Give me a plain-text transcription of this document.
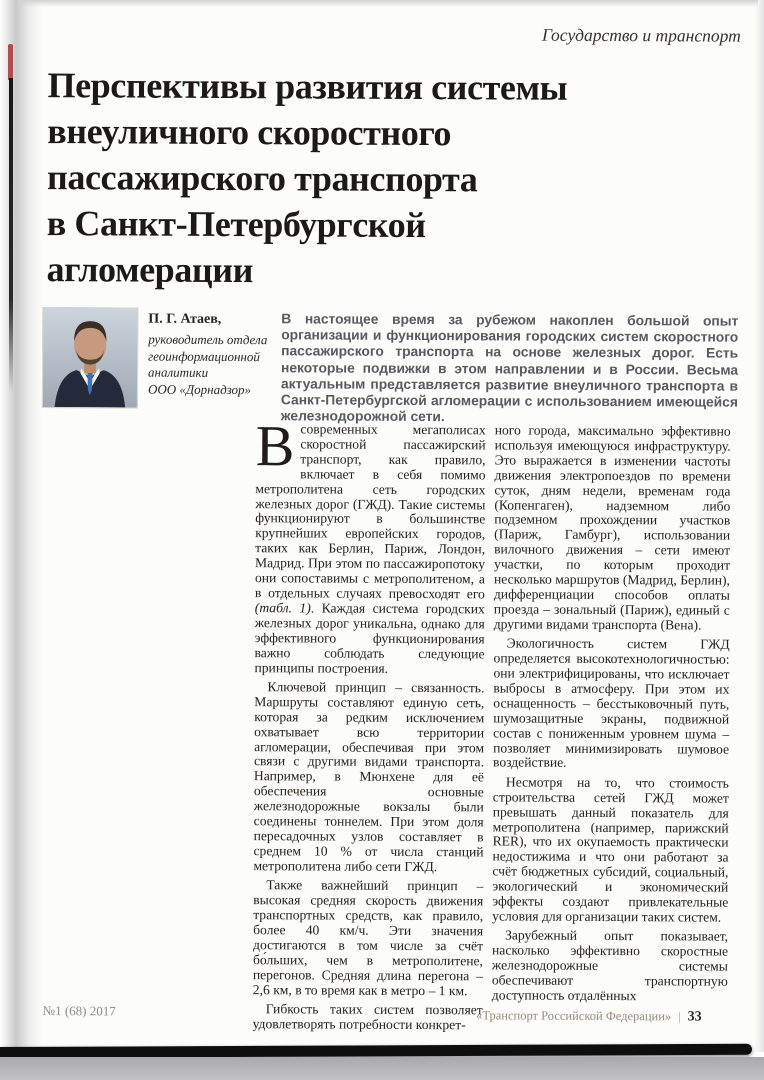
Государство и транспорт
Перспективы развития системы
внеуличного скоростного
пассажирского транспорта
в Санкт-Петербургской
агломерации
П. Г. Атаев,
руководитель отдела
геоинформационной
аналитики
ООО «Дорнадзор»
В настоящее время за рубежом накоплен большой опыт организации и функционирования городских систем скоростного пассажирского транспорта на основе железных дорог. Есть некоторые подвижки в этом направлении и в России. Весьма актуальным представляется развитие внеуличного транспорта в Санкт-Петербургской агломерации с использованием имеющейся железнодорожной сети.

Всовременных мегаполисах скоростной пассажирский транспорт, как правило, включает в себя помимо метрополитена сеть городских железных дорог (ГЖД). Такие системы функционируют в большинстве крупнейших европейских городов, таких как Берлин, Париж, Лондон, Мадрид. При этом по пассажиропотоку они сопоставимы с метрополитеном, а в отдельных случаях превосходят его (табл. 1). Каждая система городских железных дорог уникальна, однако для эффективного функционирования важно соблюдать следующие принципы построения.

Ключевой принцип – связанность. Маршруты составляют единую сеть, которая за редким исключением охватывает всю территории агломерации, обеспечивая при этом связи с другими видами транспорта. Например, в Мюнхене для её обеспечения основные железнодорожные вокзалы были соединены тоннелем. При этом доля пересадочных узлов составляет в среднем 10 % от числа станций метрополитена либо сети ГЖД.

Также важнейший принцип – высокая средняя скорость движения транспортных средств, как правило, более 40 км/ч. Эти значения достигаются в том числе за счёт бо́льших, чем в метрополитене, перегонов. Средняя длина перегона – 2,6 км, в то время как в метро – 1 км.

Гибкость таких систем позволяет удовлетворять потребности конкрет-

ного города, максимально эффективно используя имеющуюся инфраструктуру. Это выражается в изменении частоты движения электропоездов по времени суток, дням недели, временам года (Копенгаген), надземном либо подземном прохождении участков (Париж, Гамбург), использовании вилочного движения – сети имеют участки, по которым проходит несколько маршрутов (Мадрид, Берлин), дифференциации способов оплаты проезда – зональный (Париж), единый с другими видами транспорта (Вена).

Экологичность систем ГЖД определяется высокотехнологичностью: они электрифицированы, что исключает выбросы в атмосферу. При этом их оснащенность – бесстыковочный путь, шумозащитные экраны, подвижной состав с пониженным уровнем шума – позволяет минимизировать шумовое воздействие.

Несмотря на то, что стоимость строительства сетей ГЖД может превышать данный показатель для метрополитена (например, парижский RER), что их окупаемость практически недостижима и что они работают за счёт бюджетных субсидий, социальный, экологический и экономический эффекты создают привлекательные условия для организации таких систем.

Зарубежный опыт показывает, насколько эффективно скоростные железнодорожные системы обеспечивают транспортную доступность отдалённых

№1 (68) 2017	«Транспорт Российской Федерации» | 33
